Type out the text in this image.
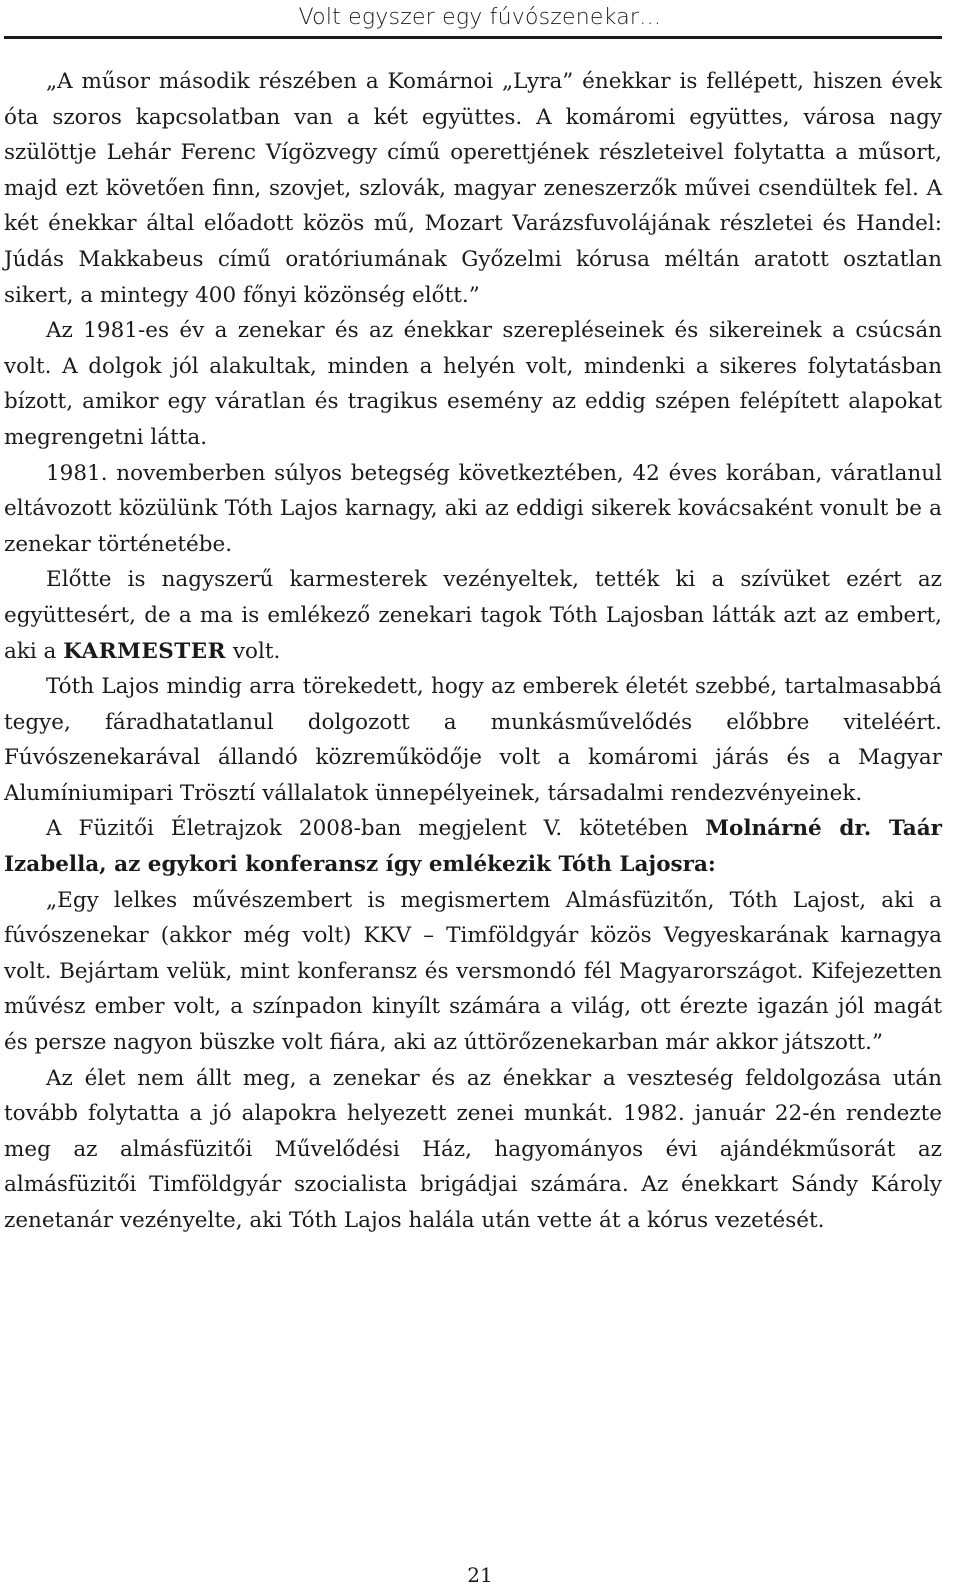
Volt egyszer egy fúvószenekar…

„A műsor második részében a Komárnoi „Lyra” énekkar is fellépett, hiszen évek óta szoros kapcsolatban van a két együttes. A komáromi együttes, városa nagy szülöttje Lehár Ferenc Vígözvegy című operettjének részleteivel folytatta a műsort, majd ezt követően finn, szovjet, szlovák, magyar zeneszerzők művei csendültek fel. A két énekkar által előadott közös mű, Mozart Varázsfuvolájának részletei és Handel: Júdás Makkabeus című oratóriumának Győzelmi kórusa méltán aratott osztatlan sikert, a mintegy 400 főnyi közönség előtt.”

Az 1981-es év a zenekar és az énekkar szerepléseinek és sikereinek a csúcsán volt. A dolgok jól alakultak, minden a helyén volt, mindenki a sikeres folytatásban bízott, amikor egy váratlan és tragikus esemény az eddig szépen felépített alapokat megrengetni látta.

1981. novemberben súlyos betegség következtében, 42 éves korában, váratlanul eltávozott közülünk Tóth Lajos karnagy, aki az eddigi sikerek kovácsaként vonult be a zenekar történetébe.

Előtte is nagyszerű karmesterek vezényeltek, tették ki a szívüket ezért az együttesért, de a ma is emlékező zenekari tagok Tóth Lajosban látták azt az embert, aki a KARMESTER volt.

Tóth Lajos mindig arra törekedett, hogy az emberek életét szebbé, tartalmasabbá tegye, fáradhatatlanul dolgozott a munkásművelődés előbbre viteléért. Fúvószenekarával állandó közreműködője volt a komáromi járás és a Magyar Alumíniumipari Trösztí vállalatok ünnepélyeinek, társadalmi rendezvényeinek.

A Füzitői Életrajzok 2008-ban megjelent V. kötetében Molnárné dr. Taár Izabella, az egykori konferansz így emlékezik Tóth Lajosra:

„Egy lelkes művészembert is megismertem Almásfüzitőn, Tóth Lajost, aki a fúvószenekar (akkor még volt) KKV – Timföldgyár közös Vegyeskarának karnagya volt. Bejártam velük, mint konferansz és versmondó fél Magyarországot. Kifejezetten művész ember volt, a színpadon kinyílt számára a világ, ott érezte igazán jól magát és persze nagyon büszke volt fiára, aki az úttörőzenekarban már akkor játszott.”

Az élet nem állt meg, a zenekar és az énekkar a veszteség feldolgozása után tovább folytatta a jó alapokra helyezett zenei munkát. 1982. január 22-én rendezte meg az almásfüzitői Művelődési Ház, hagyományos évi ajándékműsorát az almásfüzitői Timföldgyár szocialista brigádjai számára. Az énekkart Sándy Károly zenetanár vezényelte, aki Tóth Lajos halála után vette át a kórus vezetését.

21
